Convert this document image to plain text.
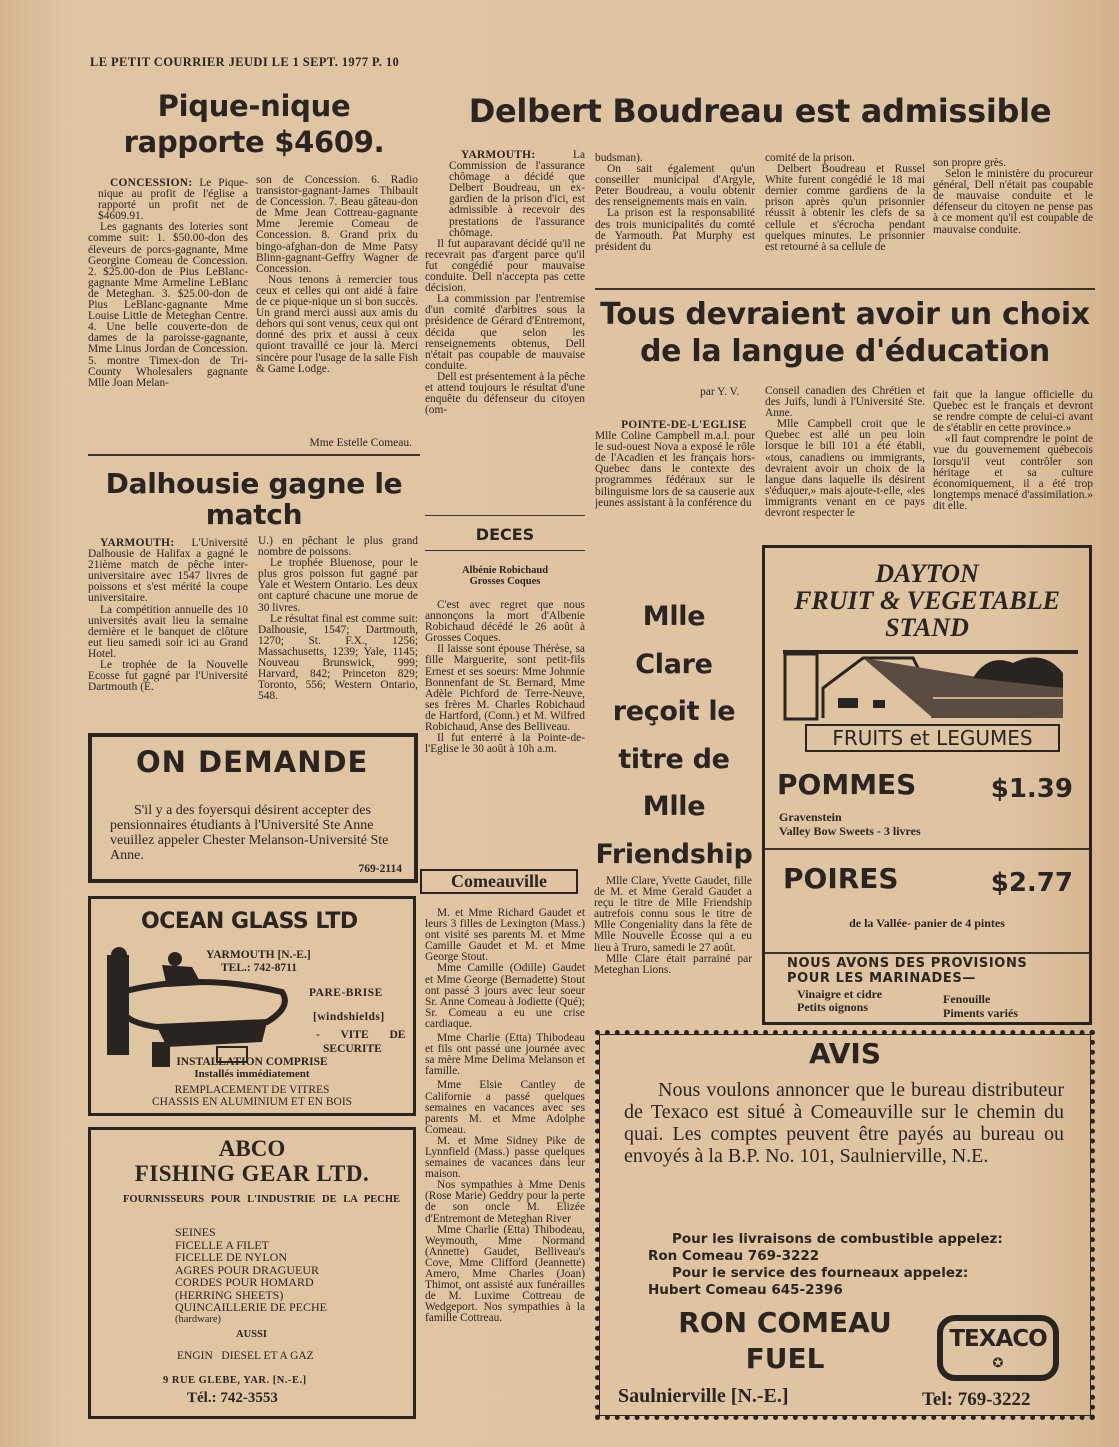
LE PETIT COURRIER JEUDI LE 1 SEPT. 1977 P. 10
Pique-nique
rapporte $4609.

CONCESSION: Le Pique-nique au profit de l'église a rapporté un profit net de $4609.91.

Les gagnants des loteries sont comme suit: 1. $50.00-don des éleveurs de porcs-gagnante, Mme Georgine Comeau de Concession. 2. $25.00-don de Pius LeBlanc-gagnante Mme Armeline LeBlanc de Meteghan. 3. $25.00-don de Pius LeBlanc-gagnante Mme Louise Little de Meteghan Centre. 4. Une belle couverte-don de dames de la paroisse-gagnante, Mme Linus Jordan de Concession. 5. montre Timex-don de Tri-County Wholesalers gagnante Mlle Joan Melan-

son de Concession. 6. Radio transistor-gagnant-James Thibault de Concession. 7. Beau gâteau-don de Mme Jean Cottreau-gagnante Mme Jeremie Comeau de Concession. 8. Grand prix du bingo-afghan-don de Mme Patsy Blinn-gagnant-Geffry Wagner de Concession.

Nous tenons à remercier tous ceux et celles qui ont aidé à faire de ce pique-nique un si bon succès. Un grand merci aussi aux amis du dehors qui sont venus, ceux qui ont donné des prix et aussi à ceux quiont travaillé ce jour là. Merci sincère pour l'usage de la salle Fish & Game Lodge.

Mme Estelle Comeau.
Dalhousie gagne le
match

YARMOUTH: L'Université Dalhousie de Halifax a gagné le 21ième match de pêche inter-universitaire avec 1547 livres de poissons et s'est mérité la coupe universitaire.

La compétition annuelle des 10 universités avait lieu la semaine dernière et le banquet de clôture eut lieu samedi soir ici au Grand Hotel.

Le trophée de la Nouvelle Ecosse fut gagné par l'Université Dartmouth (E.

U.) en pêchant le plus grand nombre de poissons.

Le trophée Bluenose, pour le plus gros poisson fut gagné par Yale et Western Ontario. Les deux ont capturé chacune une morue de 30 livres.

Le résultat final est comme suit: Dalhousie, 1547; Dartmouth, 1270; St. F.X., 1256; Massachusetts, 1239; Yale, 1145; Nouveau Brunswick, 999; Harvard, 842; Princeton 829; Toronto, 556; Western Ontario, 548.

ON DEMANDE
S'il y a des foyersqui désirent accepter des pensionnaires étudiants à l'Université Ste Anne veuillez appeler Chester Melanson-Université Ste Anne.
769-2114
OCEAN GLASS LTD
YARMOUTH [N.-E.]
TEL.: 742-8711
PARE-BRISE
[windshields]
- VITE DE
SECURITE
INSTALLATION COMPRISE
Installés immédiatement
REMPLACEMENT DE VITRES
CHASSIS EN ALUMINIUM ET EN BOIS
ABCO
FISHING GEAR LTD.
FOURNISSEURS POUR L'INDUSTRIE DE LA PECHE
SEINES
FICELLE A FILET
FICELLE DE NYLON
AGRES POUR DRAGUEUR
CORDES POUR HOMARD
(HERRING SHEETS)
QUINCAILLERIE DE PECHE
(hardware)
AUSSI
ENGIN   DIESEL ET A GAZ
9 RUE GLEBE, YAR. [N.-E.]
Tél.: 742-3553
Delbert Boudreau est admissible

YARMOUTH:	La Commission de l'assurance chômage a décidé que Delbert Boudreau, un ex-gardien de la prison d'ici, est admissible à recevoir des prestations de l'assurance chômage.

Il fut auparavant décidé qu'il ne recevrait pas d'argent parce qu'il fut congédié pour mauvaise conduite. Dell n'accepta pas cette décision.

La commission par l'entremise d'un comité d'arbitres sous la présidence de Gérard d'Entremont, décida que selon les renseignements obtenus, Dell n'était pas coupable de mauvaise conduite.

Dell est présentement à la pêche et attend toujours le résultat d'une enquête du défenseur du citoyen (om-

budsman).

On sait également qu'un conseiller municipal d'Argyle, Peter Boudreau, a voulu obtenir des renseignements mais en vain.

La prison est la responsabilité des trois municipalités du comté de Yarmouth. Pat Murphy est président du

comité de la prison.

Delbert Boudreau et Russel White furent congédié le 18 mai dernier comme gardiens de la prison après qu'un prisonnier réussit à obtenir les clefs de sa cellule et s'écrocha pendant quelques minutes. Le prisonnier est retourné à sa cellule de

son propre grès.

Selon le ministère du procureur général, Dell n'était pas coupable de mauvaise conduite et le défenseur du citoyen ne pense pas à ce moment qu'il est coupable de mauvaise conduite.

Tous devraient avoir un choix
de la langue d'éducation
par Y. V.

POINTE-DE-L'EGLISE

Mlle Coline Campbell m.a.l. pour le sud-ouest Nova a exposé le rôle de l'Acadien et les français hors-Quebec dans le contexte des programmes fédéraux sur le bilinguisme lors de sa causerie aux jeunes assistant à la conférence du

Conseil canadien des Chrétien et des Juifs, lundi à l'Université Ste. Anne.

Mlle Campbell croit que le Quebec est allé un peu loin lorsque le bill 101 a été établi, «tous, canadiens ou immigrants, devraient avoir un choix de la langue dans laquelle ils désirent s'éduquer,» mais ajoute-t-elle, «les immigrants venant en ce pays devront respecter le

fait que la langue officielle du Quebec est le français et devront se rendre compte de celui-ci avant de s'établir en cette province.»

«Il faut comprendre le point de vue du gouvernement québecois lorsqu'il veut contrôler son héritage et sa culture économiquement, il a été trop longtemps menacé d'assimilation.» dit elle.

DECES
Albénie Robichaud
Grosses Coques

C'est avec regret que nous annonçons la mort d'Albenie Robichaud décédé le 26 août à Grosses Coques.

Il laisse sont épouse Thérèse, sa fille Marguerite, sont petit-fils Ernest et ses soeurs: Mme Johnnie Bonnenfant de St. Bernard, Mme Adèle Pichford de Terre-Neuve, ses frères M. Charles Robichaud de Hartford, (Conn.) et M. Wilfred Robichaud, Anse des Belliveau.

Il fut enterré à la Pointe-de-l'Eglise le 30 août à 10h a.m.

Comeauville

M. et Mme Richard Gaudet et leurs 3 filles de Lexington (Mass.) ont visité ses parents M. et Mme Camille Gaudet et M. et Mme George Stout.

Mme Camille (Odille) Gaudet et Mme George (Bernadette) Stout ont passé 3 jours avec leur soeur Sr. Anne Comeau à Jodiette (Qué); Sr. Comeau a eu une crise cardiaque.

Mme Charlie (Etta) Thibodeau et fils ont passé une journée avec sa mère Mme Delima Melanson et famille.

Mme Elsie Cantley de Californie a passé quelques semaines en vacances avec ses parents M. et Mme Adolphe Comeau.

M. et Mme Sidney Pike de Lynnfield (Mass.) passe quelques semaines de vacances dans leur maison.

Nos sympathies à Mme Denis (Rose Marie) Geddry pour la perte de son oncle M. Elizée d'Entremont de Meteghan River

Mme Charlie (Etta) Thibodeau, Weymouth, Mme Normand (Annette) Gaudet, Belliveau's Cove, Mme Clifford (Jeannette) Amero, Mme Charles (Joan) Thimot, ont assisté aux funérailles de M. Luxime Cottreau de Wedgeport. Nos sympathies à la famille Cottreau.

Mlle
Clare
reçoit le
titre de
Mlle
Friendship

Mlle Clare, Yvette Gaudet, fille de M. et Mme Gerald Gaudet a reçu le titre de Mlle Friendship autrefois connu sous le titre de Mlle Congeniality dans la fête de Mlle Nouvelle Ecosse qui a eu lieu à Truro, samedi le 27 août.

Mlle Clare était parrainé par Meteghan Lions.

DAYTON
FRUIT & VEGETABLE
STAND
FRUITS et LEGUMES
POMMES	$1.39
Gravenstein
Valley Bow Sweets - 3 livres
POIRES	$2.77
de la Vallée- panier de 4 pintes
NOUS AVONS DES PROVISIONS
POUR LES MARINADES—
Vinaigre et cidre
Petits oignons
Fenouille
Piments variés
AVIS
Nous voulons annoncer que le bureau distributeur de Texaco est situé à Comeauville sur le chemin du quai. Les comptes peuvent être payés au bureau ou envoyés à la B.P. No. 101, Saulnierville, N.E.
Pour les livraisons de combustible appelez:
Ron Comeau 769-3222
Pour le service des fourneaux appelez:
Hubert Comeau 645-2396
RON COMEAU
FUEL
Saulnierville [N.-E.]
TEXACO
✪
Tel: 769-3222
